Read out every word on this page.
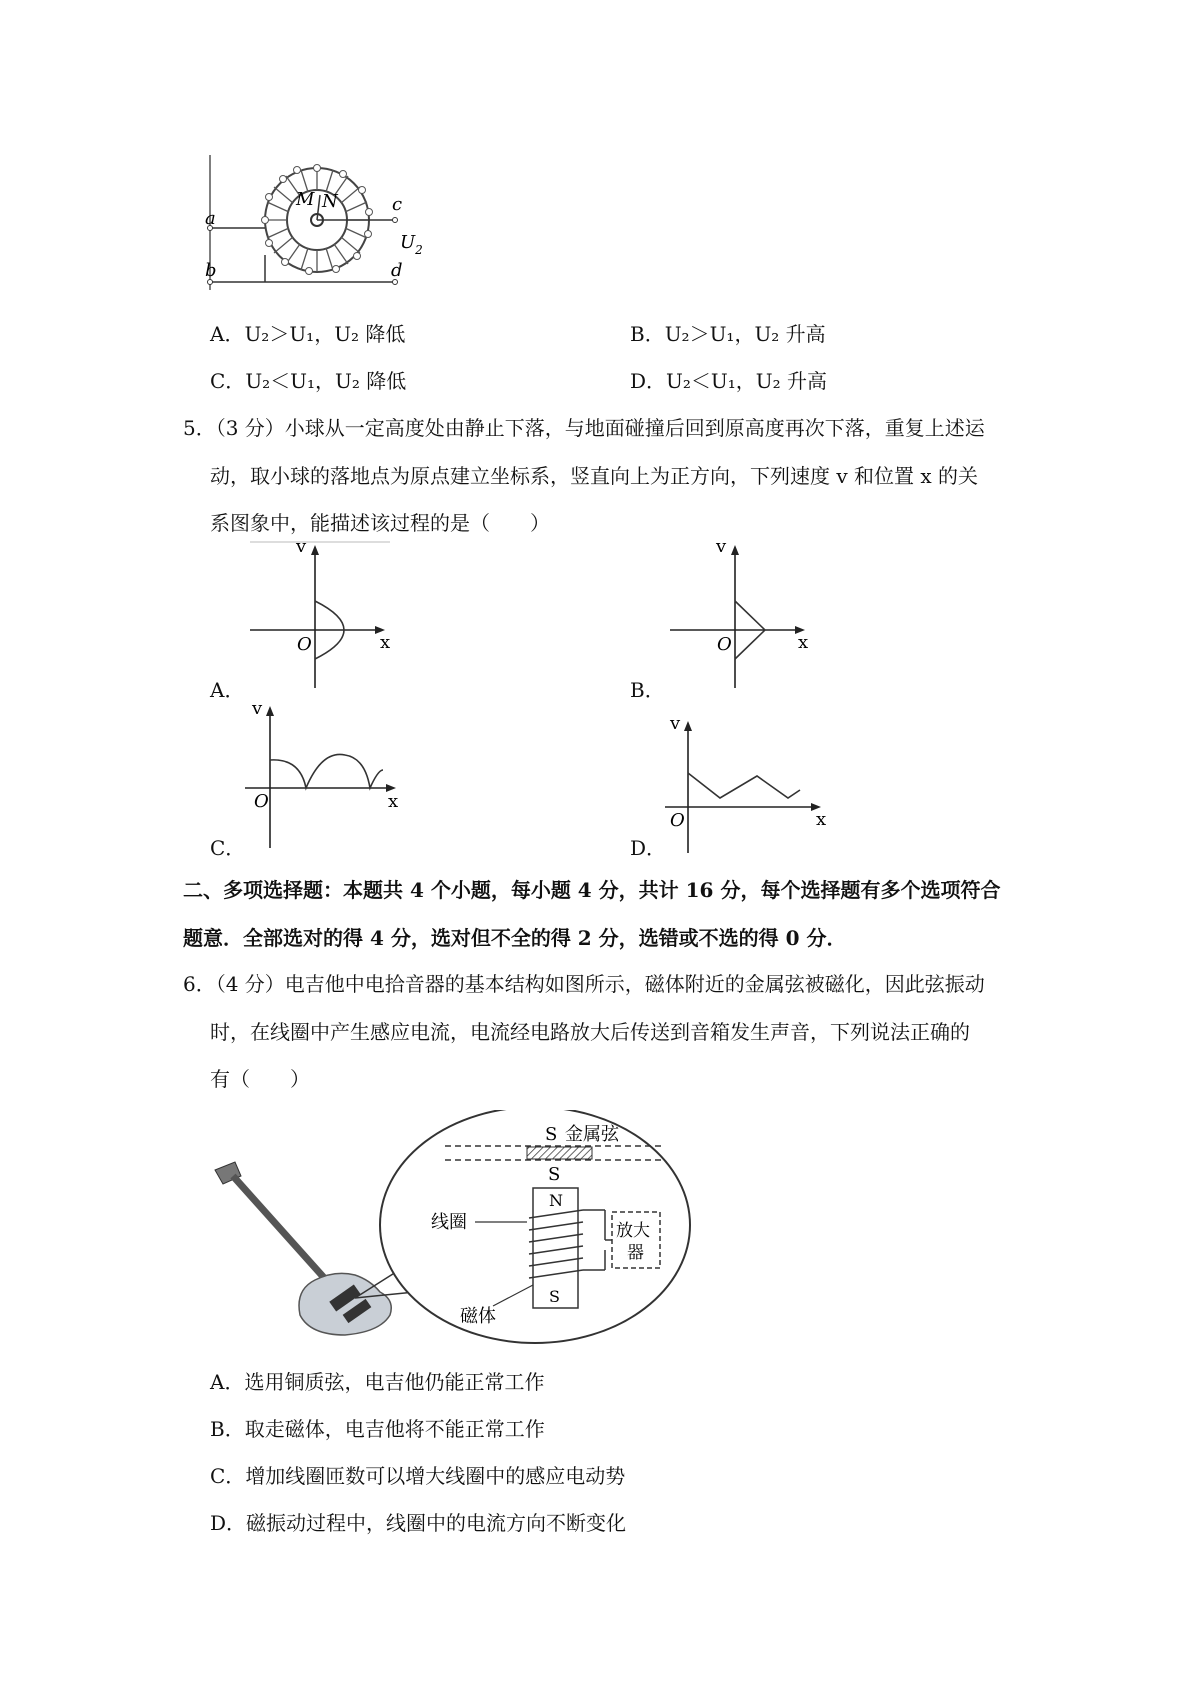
M N
a
b
c
d
$U_2$
A．U₂＞U₁，U₂ 降低	B．U₂＞U₁，U₂ 升高
C．U₂＜U₁，U₂ 降低	D．U₂＜U₁，U₂ 升高
5．（3 分）小球从一定高度处由静止下落，与地面碰撞后回到原高度再次下落，重复上述运
动，取小球的落地点为原点建立坐标系，竖直向上为正方向，下列速度 v 和位置 x 的关
系图象中，能描述该过程的是（　　）
v
x
O
A．
v
x
O
B．
v
x
O
C．
v
x
O
D．
二、多项选择题：本题共 4 个小题，每小题 4 分，共计 16 分，每个选择题有多个选项符合
题意．全部选对的得 4 分，选对但不全的得 2 分，选错或不选的得 0 分．
6．（4 分）电吉他中电拾音器的基本结构如图所示，磁体附近的金属弦被磁化，因此弦振动
时，在线圈中产生感应电流，电流经电路放大后传送到音箱发生声音，下列说法正确的
有（　　）
S 金属弦
S
N
S
放大
器
线圈
磁体
A．选用铜质弦，电吉他仍能正常工作
B．取走磁体，电吉他将不能正常工作
C．增加线圈匝数可以增大线圈中的感应电动势
D．磁振动过程中，线圈中的电流方向不断变化
